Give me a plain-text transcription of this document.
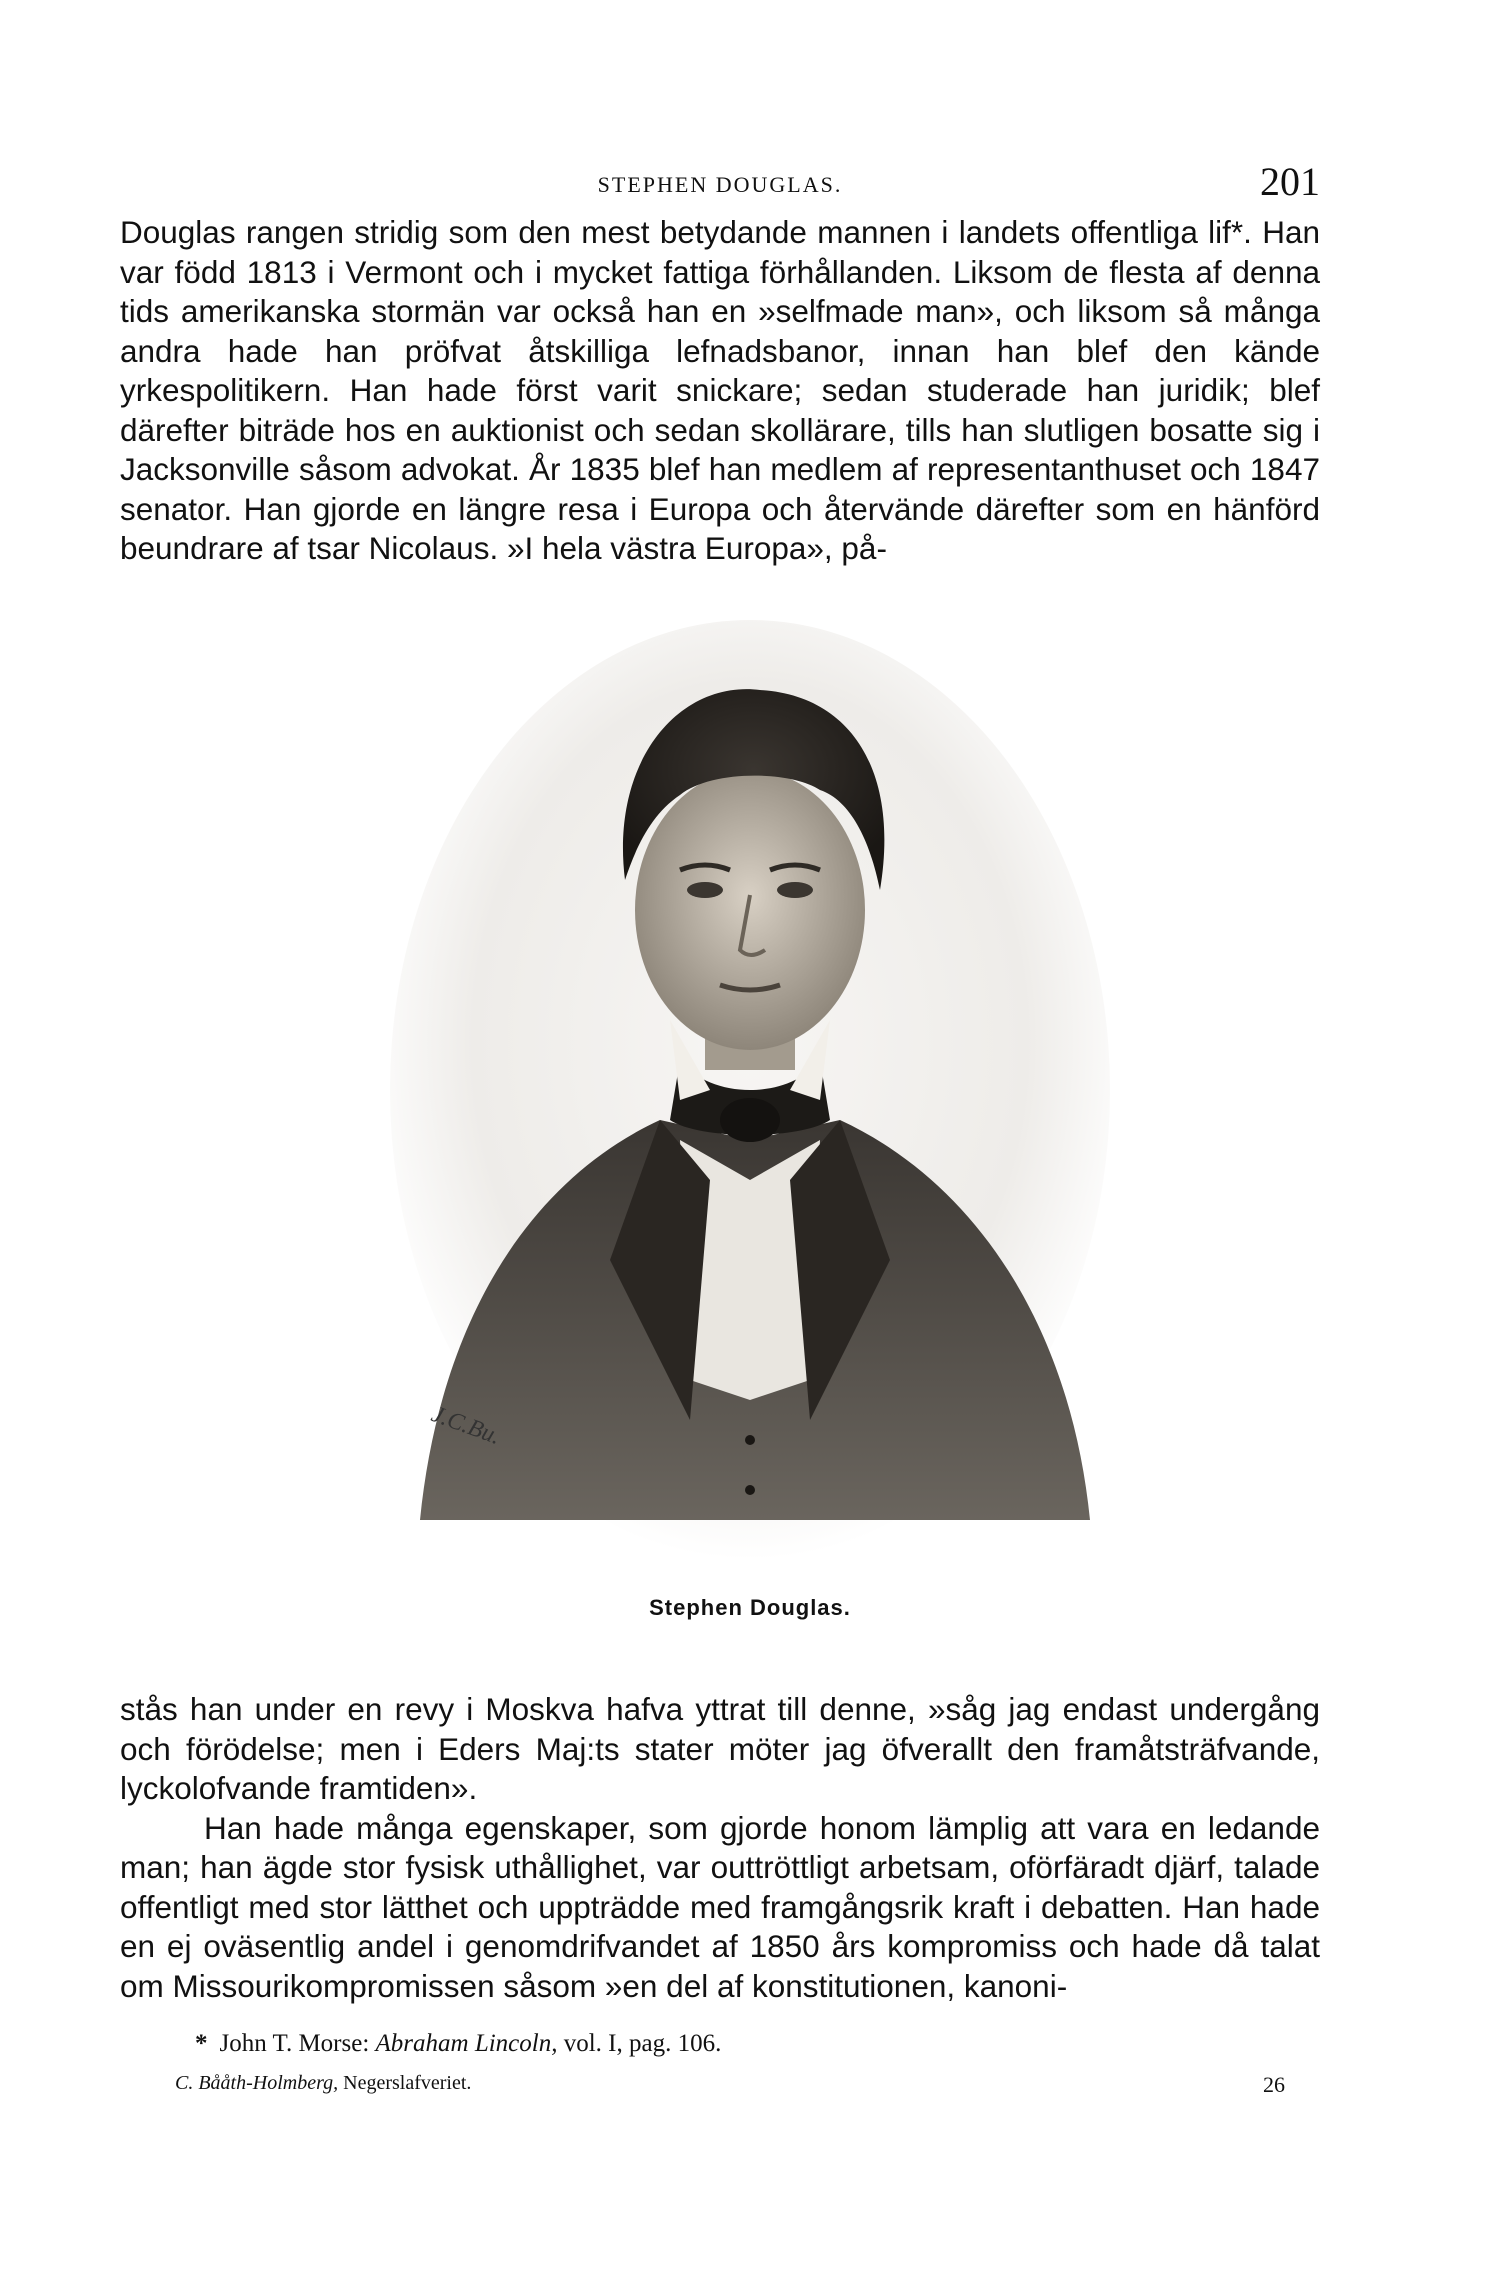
STEPHEN DOUGLAS.	201

Douglas rangen stridig som den mest betydande mannen i landets offentliga lif*. Han var född 1813 i Vermont och i mycket fattiga förhållanden. Liksom de flesta af denna tids amerikanska stormän var också han en »selfmade man», och liksom så många andra hade han pröfvat åtskilliga lefnadsbanor, innan han blef den kände yrkespolitikern. Han hade först varit snickare; sedan studerade han juridik; blef därefter biträde hos en auktionist och sedan skollärare, tills han slutligen bosatte sig i Jacksonville såsom advokat. År 1835 blef han medlem af representanthuset och 1847 senator. Han gjorde en längre resa i Europa och återvände därefter som en hänförd beundrare af tsar Nicolaus. »I hela västra Europa», på-

J.C.Bu.
Stephen Douglas.

stås han under en revy i Moskva hafva yttrat till denne, »såg jag endast undergång och förödelse; men i Eders Maj:ts stater möter jag öfverallt den framåtsträfvande, lyckolofvande framtiden».

Han hade många egenskaper, som gjorde honom lämplig att vara en ledande man; han ägde stor fysisk uthållighet, var outtröttligt arbetsam, oförfäradt djärf, talade offentligt med stor lätthet och uppträdde med framgångsrik kraft i debatten. Han hade en ej oväsentlig andel i genomdrifvandet af 1850 års kompromiss och hade då talat om Missourikompromissen såsom »en del af konstitutionen, kanoni-

* John T. Morse: Abraham Lincoln, vol. I, pag. 106.
C. Bååth-Holmberg, Negerslafveriet.	26
